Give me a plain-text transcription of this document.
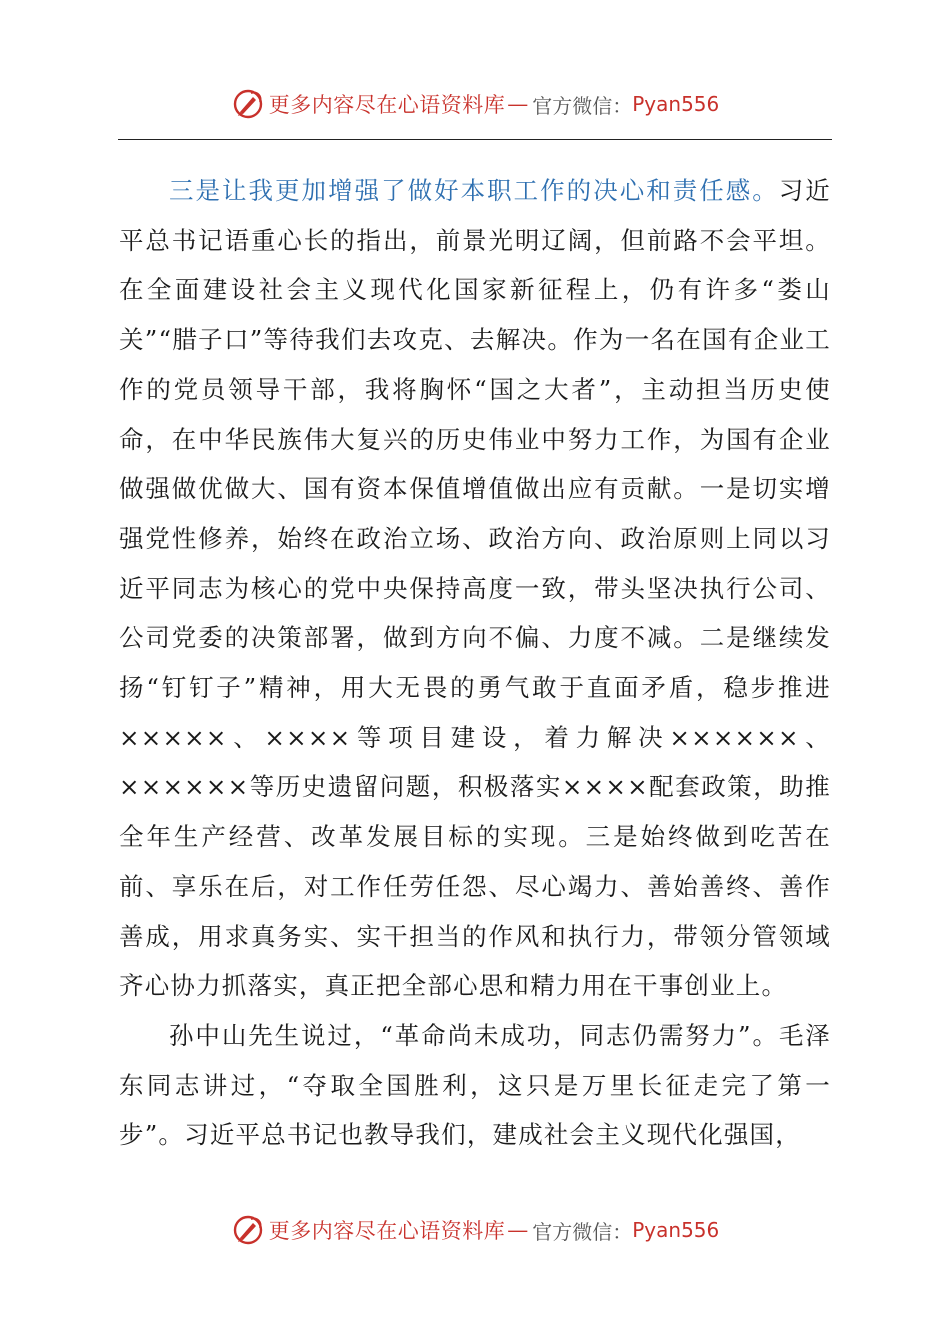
更多内容尽在心语资料库 — 官方微信： Pyan556

三是让我更加增强了做好本职工作的决心和责任感。习近平总书记语重心长的指出，前景光明辽阔，但前路不会平坦。在全面建设社会主义现代化国家新征程上，仍有许多“娄山关”“腊子口”等待我们去攻克、去解决。作为一名在国有企业工作的党员领导干部，我将胸怀“国之大者”，主动担当历史使命，在中华民族伟大复兴的历史伟业中努力工作，为国有企业做强做优做大、国有资本保值增值做出应有贡献。一是切实增强党性修养，始终在政治立场、政治方向、政治原则上同以习近平同志为核心的党中央保持高度一致，带头坚决执行公司、公司党委的决策部署，做到方向不偏、力度不减。二是继续发扬“钉钉子”精神，用大无畏的勇气敢于直面矛盾，稳步推进×××××、××××等项目建设，着力解决××××××、××××××等历史遗留问题，积极落实××××配套政策，助推全年生产经营、改革发展目标的实现。三是始终做到吃苦在前、享乐在后，对工作任劳任怨、尽心竭力、善始善终、善作善成，用求真务实、实干担当的作风和执行力，带领分管领域齐心协力抓落实，真正把全部心思和精力用在干事创业上。

孙中山先生说过，“革命尚未成功，同志仍需努力”。毛泽东同志讲过，“夺取全国胜利，这只是万里长征走完了第一步”。习近平总书记也教导我们，建成社会主义现代化强国，

更多内容尽在心语资料库 — 官方微信： Pyan556
